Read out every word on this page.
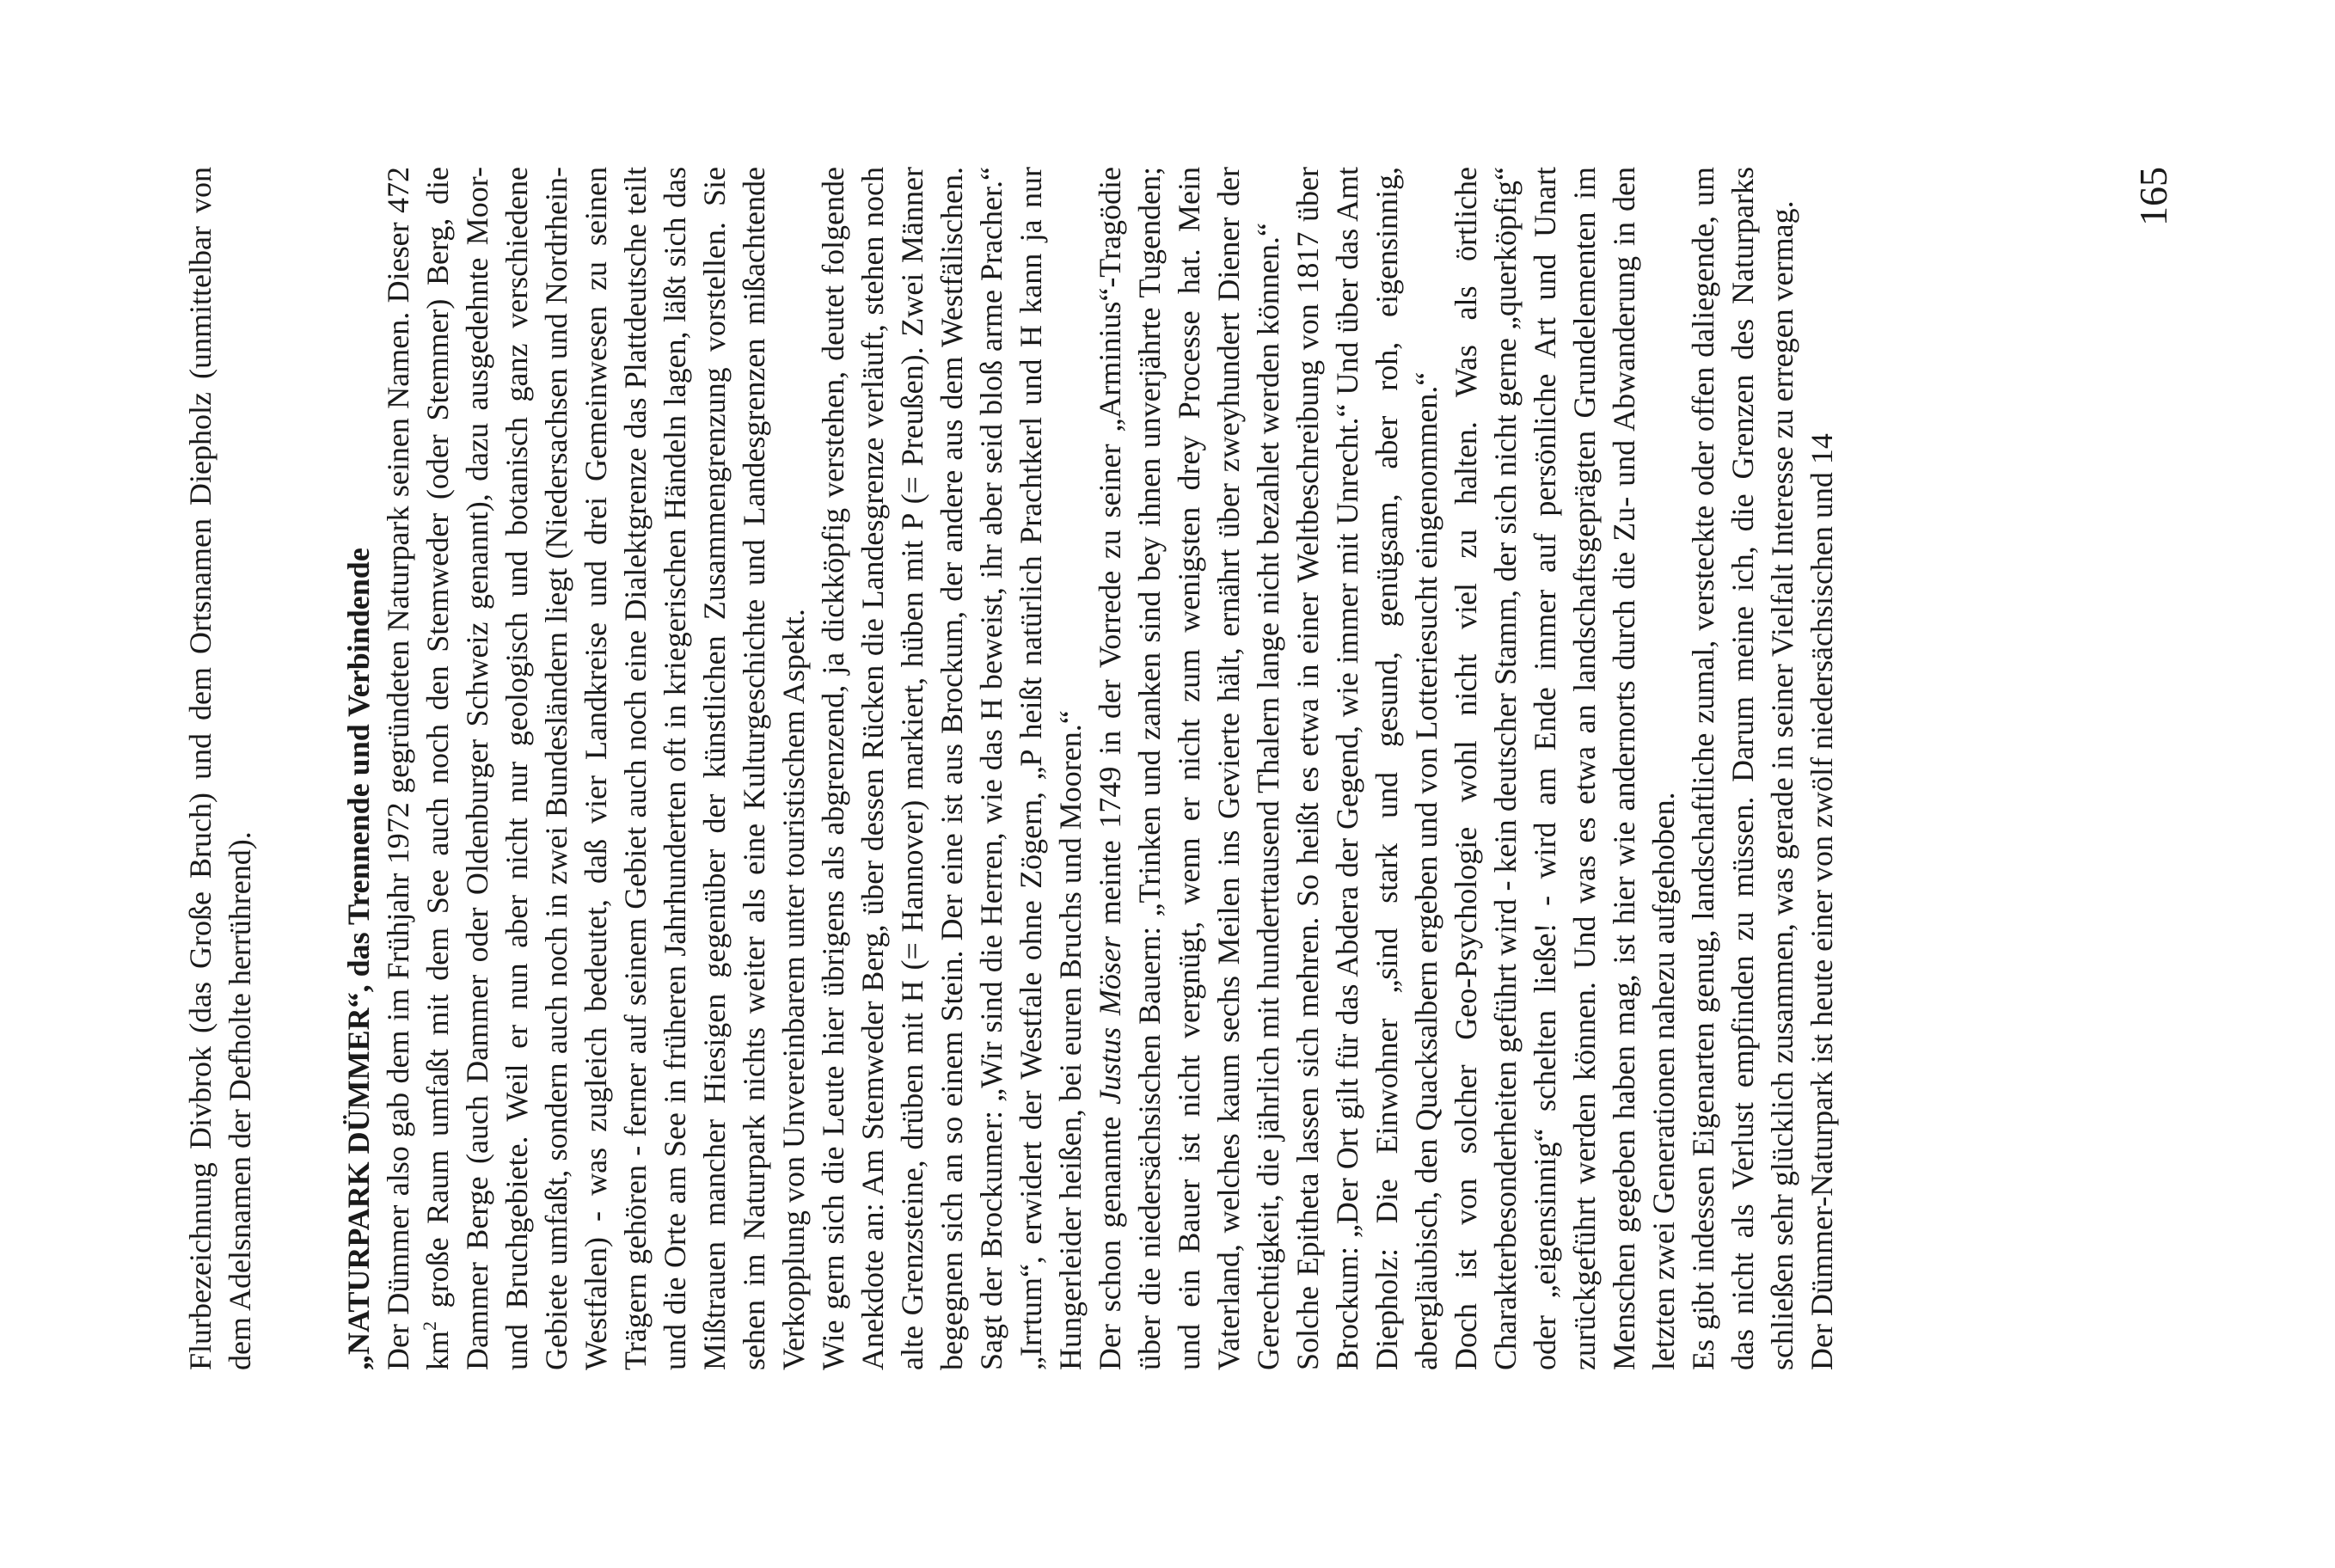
Flurbezeichnung Divbrok (das Große Bruch) und dem Ortsnamen Diepholz (unmittelbar von dem Adelsnamen der Defholte herrührend).	„NATURPARK DÜMMER“, das Trennende und Verbindende Der Dümmer also gab dem im Frühjahr 1972 gegründeten Naturpark seinen Namen. Dieser 472 $km^2$ große Raum umfaßt mit dem See auch noch den Stemweder (oder Stemmer) Berg, die Dammer Berge (auch Dammer oder Oldenburger Schweiz genannt), dazu ausgedehnte Moor- und Bruchgebiete. Weil er nun aber nicht nur geologisch und botanisch ganz verschiedene Gebiete umfaßt, sondern auch noch in zwei Bundesländern liegt (Niedersachsen und Nordrhein-Westfalen) - was zugleich bedeutet, daß vier Landkreise und drei Gemeinwesen zu seinen Trägern gehören - ferner auf seinem Gebiet auch noch eine Dialektgrenze das Plattdeutsche teilt und die Orte am See in früheren Jahrhunderten oft in kriegerischen Händeln lagen, läßt sich das Mißtrauen mancher Hiesigen gegenüber der künstlichen Zusammengrenzung vorstellen. Sie sehen im Naturpark nichts weiter als eine Kulturgeschichte und Landesgrenzen mißachtende Verkopplung von Unvereinbarem unter touristischem Aspekt. Wie gern sich die Leute hier übrigens als abgrenzend, ja dickköpfig verstehen, deutet folgende Anekdote an: Am Stemweder Berg, über dessen Rücken die Landesgrenze verläuft, stehen noch alte Grenzsteine, drüben mit H (= Hannover) markiert, hüben mit P (= Preußen). Zwei Männer begegnen sich an so einem Stein. Der eine ist aus Brockum, der andere aus dem Westfälischen. Sagt der Brockumer: „Wir sind die Herren, wie das H beweist, ihr aber seid bloß arme Pracher.“ „Irrtum“, erwidert der Westfale ohne Zögern, „P heißt natürlich Prachtkerl und H kann ja nur Hungerleider heißen, bei euren Bruchs und Mooren.“ Der schon genannte Justus Möser meinte 1749 in der Vorrede zu seiner „Arminius“-Tragödie über die niedersächsischen Bauern: „Trinken und zanken sind bey ihnen unverjährte Tugenden; und ein Bauer ist nicht vergnügt, wenn er nicht zum wenigsten drey Processe hat. Mein Vaterland, welches kaum sechs Meilen ins Gevierte hält, ernährt über zweyhundert Diener der Gerechtigkeit, die jährlich mit hunderttausend Thalern lange nicht bezahlet werden können.“ Solche Epitheta lassen sich mehren. So heißt es etwa in einer Weltbeschreibung von 1817 über Brockum: „Der Ort gilt für das Abdera der Gegend, wie immer mit Unrecht.“ Und über das Amt Diepholz: Die Einwohner „sind stark und gesund, genügsam, aber roh, eigensinnig, abergläubisch, den Quacksalbern ergeben und von Lotteriesucht eingenommen.“ Doch ist von solcher Geo-Psychologie wohl nicht viel zu halten. Was als örtliche Charakterbesonderheiten geführt wird - kein deutscher Stamm, der sich nicht gerne „querköpfig“ oder „eigensinnig“ schelten ließe! - wird am Ende immer auf persönliche Art und Unart zurückgeführt werden können. Und was es etwa an landschaftsgeprägten Grundelementen im Menschen gegeben haben mag, ist hier wie andernorts durch die Zu- und Abwanderung in den letzten zwei Generationen nahezu aufgehoben. Es gibt indessen Eigenarten genug, landschaftliche zumal, versteckte oder offen daliegende, um das nicht als Verlust empfinden zu müssen. Darum meine ich, die Grenzen des Naturparks schließen sehr glücklich zusammen, was gerade in seiner Vielfalt Interesse zu erregen vermag. Der Dümmer-Naturpark ist heute einer von zwölf niedersächsischen und 14

165
